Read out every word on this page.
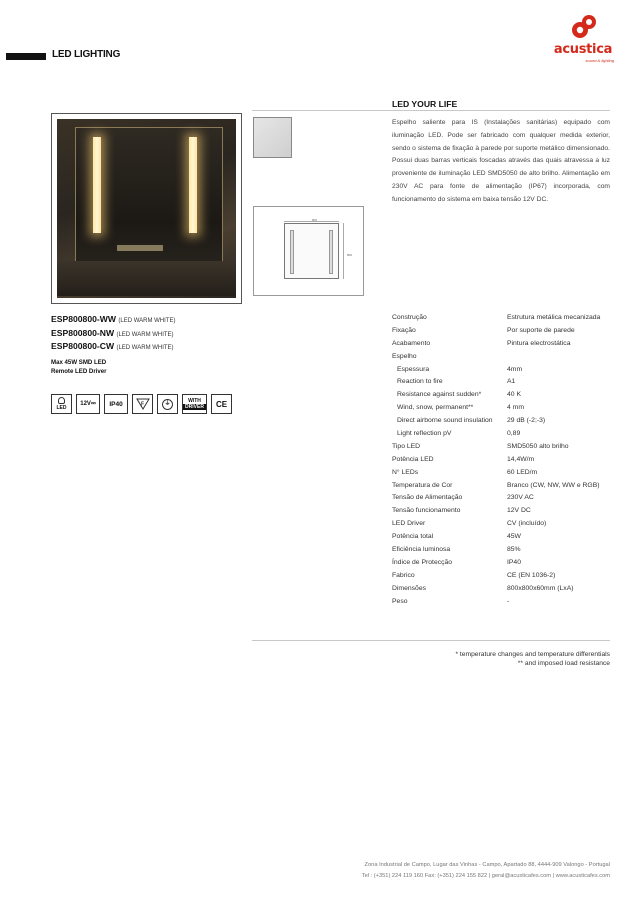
LED LIGHTING	acustica
sound & lighting
800
800
LED YOUR LIFE
Espelho saliente para IS (Instalações sanitárias) equipado com iluminação LED. Pode ser fabricado com qualquer medida exterior, sendo o sistema de fixação à parede por suporte metálico dimensionado. Possui duas barras verticais foscadas através das quais atravessa a luz proveniente de iluminação LED SMD5050 de alto brilho. Alimentação em 230V AC para fonte de alimentação (IP67) incorporada, com funcionamento do sistema em baixa tensão 12V DC.
ESP800800-WW (LED WARM WHITE)
ESP800800-NW (LED WARM WHITE)
ESP800800-CW (LED WARM WHITE)
Max 45W SMD LED
Remote LED Driver
LED
12V ⎓	IP40	F	⏚	WITH
DRIVER	CE
Construção	Estrutura metálica mecanizada
Fixação	Por suporte de parede
Acabamento	Pintura electrostática
Espelho
Espessura	4mm
Reaction to fire	A1
Resistance against sudden*	40 K
Wind, snow, permanent**	4 mm
Direct airborne sound insulation 29 dB (-2;-3)
Light reflection pV	0,89
Tipo LED	SMD5050 alto brilho
Potência LED	14,4W/m
N° LEDs	60 LED/m
Temperatura de Cor	Branco (CW, NW, WW e RGB)
Tensão de Alimentação	230V AC
Tensão funcionamento	12V DC
LED Driver	CV (incluído)
Potência total	45W
Eficiência luminosa	85%
Índice de Protecção	IP40
Fabrico	CE (EN 1036-2)
Dimensões	800x800x60mm (LxA)
Peso	-
* temperature changes and temperature differentials
** and imposed load resistance
Zona Industrial de Campo, Lugar das Vinhas - Campo, Apartado 88, 4444-909 Valongo - Portugal
Tel : (+351) 224 119 160 Fax: (+351) 224 155 822 | geral@acusticafes.com | www.acusticafes.com
